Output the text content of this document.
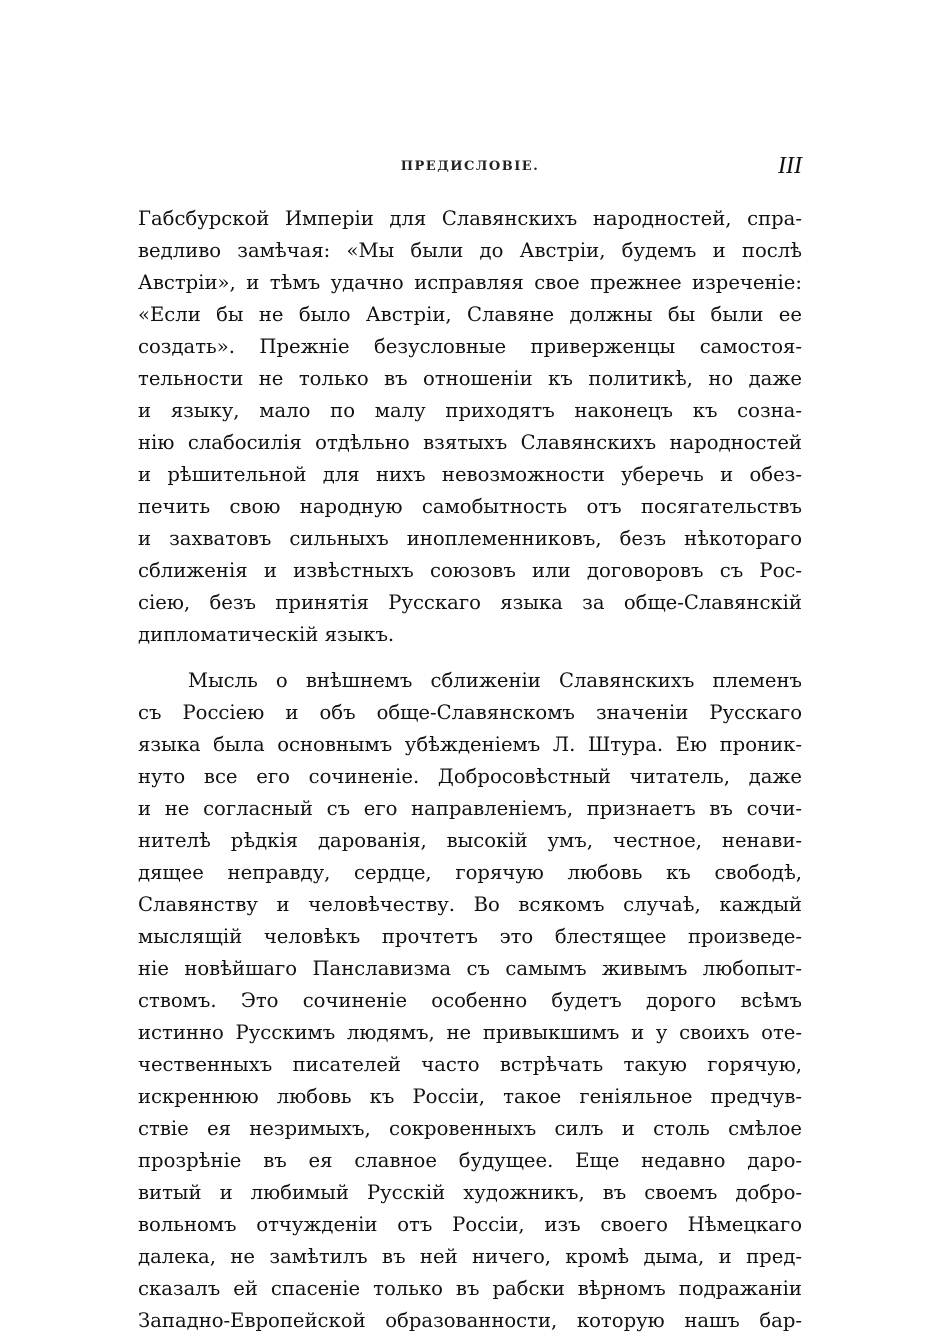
ПРЕДИСЛОВІЕ.	III
Габсбурской Имперіи для Славянскихъ народностей, спра-
ведливо замѣчая: «Мы были до Австріи, будемъ и послѣ
Австріи», и тѣмъ удачно исправляя свое прежнее изреченіе:
«Если бы не было Австріи, Славяне должны бы были ее
создать». Прежніе безусловные приверженцы самостоя-
тельности не только въ отношеніи къ политикѣ, но даже
и языку, мало по малу приходятъ наконецъ къ созна-
нію слабосилія отдѣльно взятыхъ Славянскихъ народностей
и рѣшительной для нихъ невозможности уберечь и обез-
печить свою народную самобытность отъ посягательствъ
и захватовъ сильныхъ иноплеменниковъ, безъ нѣкотораго
сближенія и извѣстныхъ союзовъ или договоровъ съ Рос-
сіею, безъ принятія Русскаго языка за обще-Славянскій
дипломатическій языкъ.
Мысль о внѣшнемъ сближеніи Славянскихъ племенъ
съ Россіею и объ обще-Славянскомъ значеніи Русскаго
языка была основнымъ убѣжденіемъ Л. Штура. Ею проник-
нуто все его сочиненіе. Добросовѣстный читатель, даже
и не согласный съ его направленіемъ, признаетъ въ сочи-
нителѣ рѣдкія дарованія, высокій умъ, честное, ненави-
дящее неправду, сердце, горячую любовь къ свободѣ,
Славянству и человѣчеству. Во всякомъ случаѣ, каждый
мыслящій человѣкъ прочтетъ это блестящее произведе-
ніе новѣйшаго Панславизма съ самымъ живымъ любопыт-
ствомъ. Это сочиненіе особенно будетъ дорого всѣмъ
истинно Русскимъ людямъ, не привыкшимъ и у своихъ оте-
чественныхъ писателей часто встрѣчать такую горячую,
искреннюю любовь къ Россіи, такое геніяльное предчув-
ствіе ея незримыхъ, сокровенныхъ силъ и столь смѣлое
прозрѣніе въ ея славное будущее. Еще недавно даро-
витый и любимый Русскій художникъ, въ своемъ добро-
вольномъ отчужденіи отъ Россіи, изъ своего Нѣмецкаго
далека, не замѣтилъ въ ней ничего, кромѣ дыма, и пред-
сказалъ ей спасеніе только въ рабски вѣрномъ подражаніи
Западно-Европейской образованности, которую нашъ бар-
